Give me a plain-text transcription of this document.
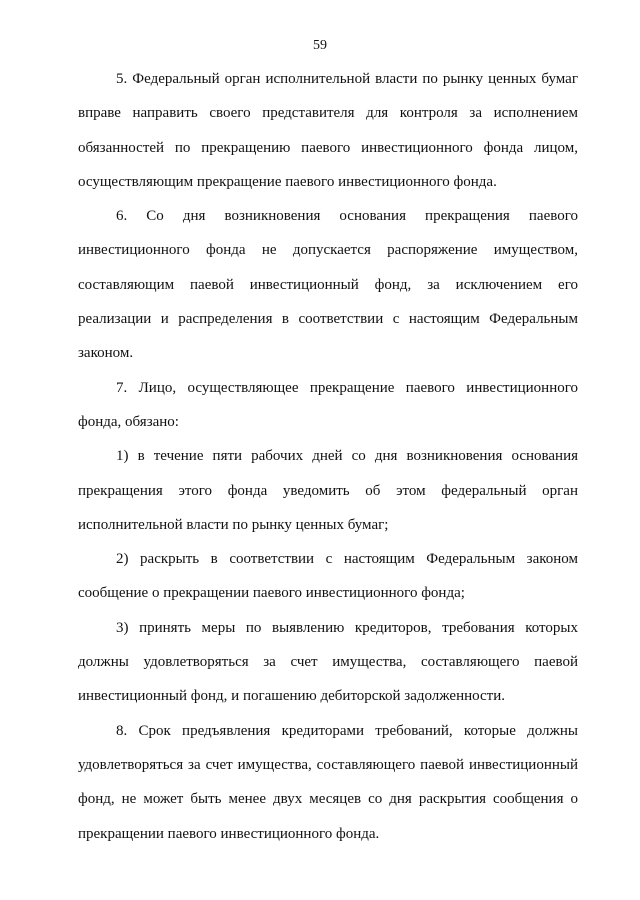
59

5. Федеральный орган исполнительной власти по рынку ценных бумаг вправе направить своего представителя для контроля за исполнением обязанностей по прекращению паевого инвестиционного фонда лицом, осуществляющим прекращение паевого инвестиционного фонда.

6. Со дня возникновения основания прекращения паевого инвестиционного фонда не допускается распоряжение имуществом, составляющим паевой инвестиционный фонд, за исключением его реализации и распределения в соответствии с настоящим Федеральным законом.

7. Лицо, осуществляющее прекращение паевого инвестиционного фонда, обязано:

1) в течение пяти рабочих дней со дня возникновения основания прекращения этого фонда уведомить об этом федеральный орган исполнительной власти по рынку ценных бумаг;

2) раскрыть в соответствии с настоящим Федеральным законом сообщение о прекращении паевого инвестиционного фонда;

3) принять меры по выявлению кредиторов, требования которых должны удовлетворяться за счет имущества, составляющего паевой инвестиционный фонд, и погашению дебиторской задолженности.

8. Срок предъявления кредиторами требований, которые должны удовлетворяться за счет имущества, составляющего паевой инвестиционный фонд, не может быть менее двух месяцев со дня раскрытия сообщения о прекращении паевого инвестиционного фонда.
